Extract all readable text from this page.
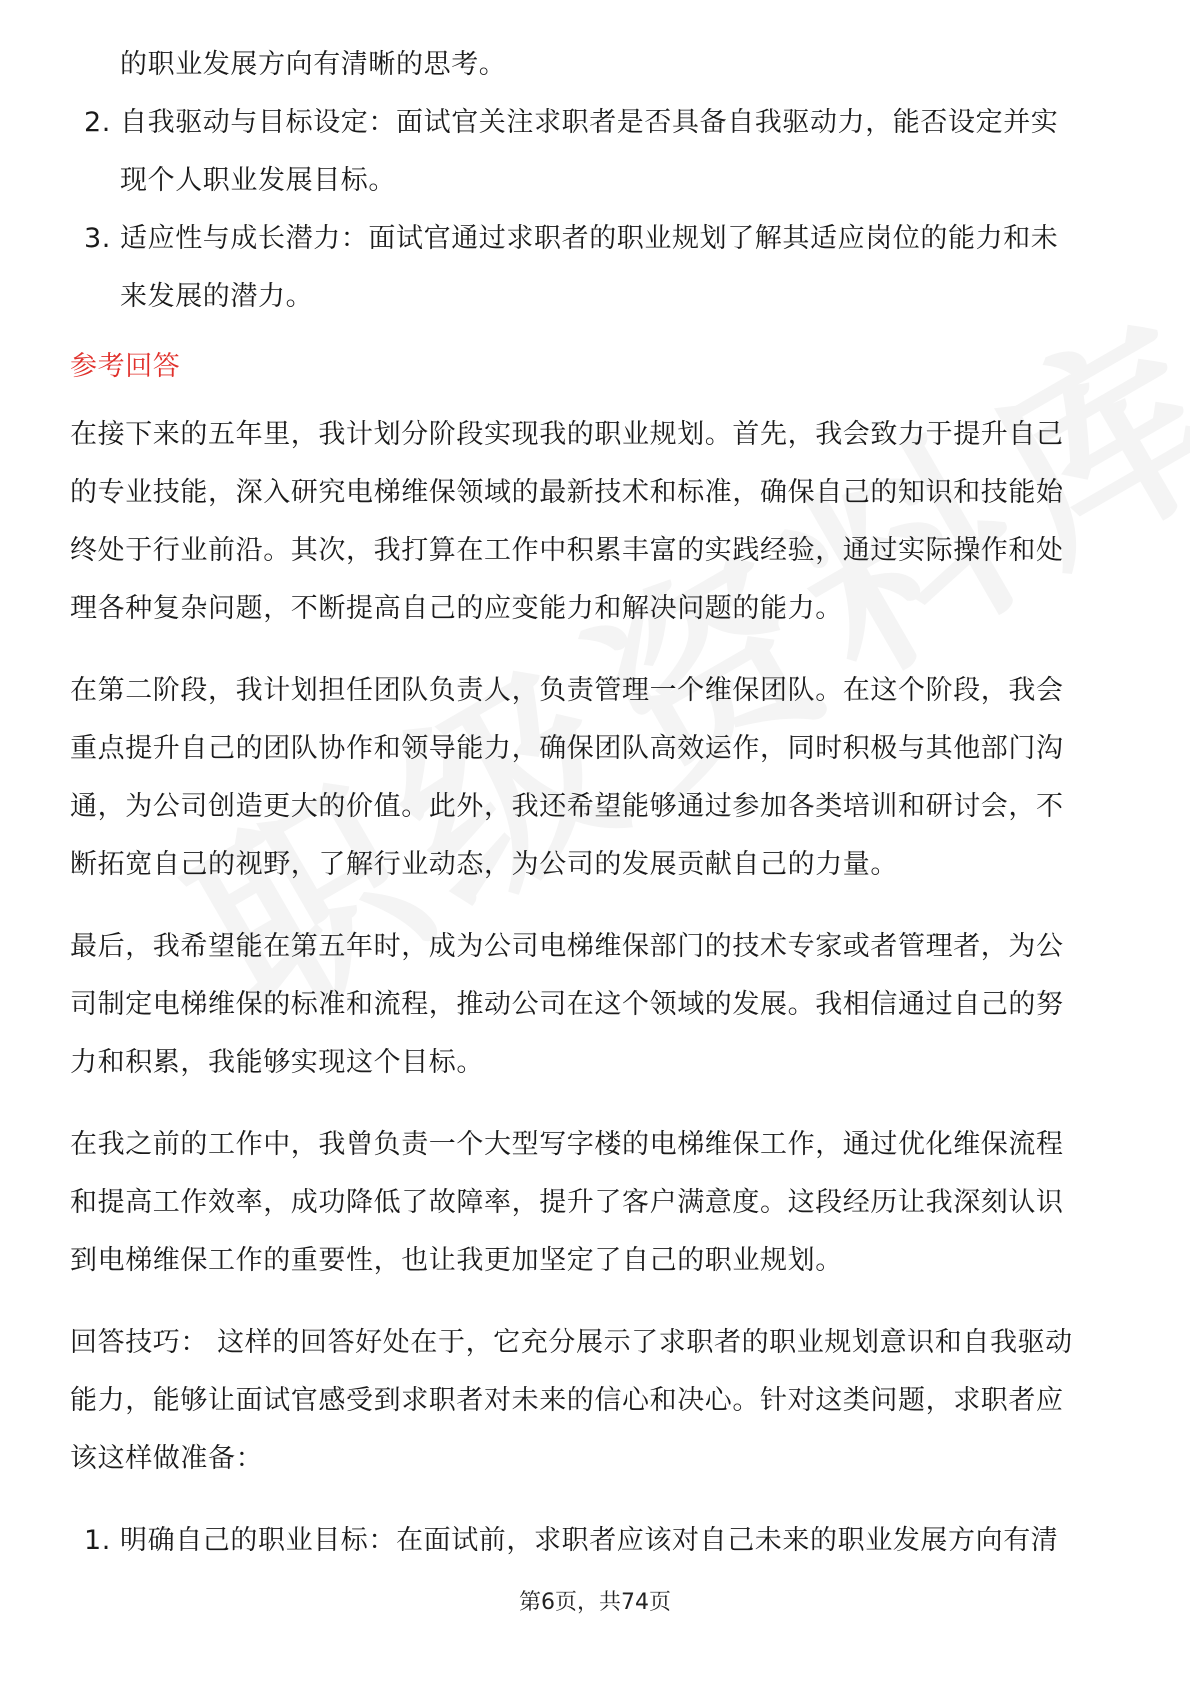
的职业发展方向有清晰的思考。
2. 自我驱动与目标设定：面试官关注求职者是否具备自我驱动力，能否设定并实
现个人职业发展目标。
3. 适应性与成长潜力：面试官通过求职者的职业规划了解其适应岗位的能力和未
来发展的潜力。
参考回答
在接下来的五年里，我计划分阶段实现我的职业规划。首先，我会致力于提升自己
的专业技能，深入研究电梯维保领域的最新技术和标准，确保自己的知识和技能始
终处于行业前沿。其次，我打算在工作中积累丰富的实践经验，通过实际操作和处
理各种复杂问题，不断提高自己的应变能力和解决问题的能力。
在第二阶段，我计划担任团队负责人，负责管理一个维保团队。在这个阶段，我会
重点提升自己的团队协作和领导能力，确保团队高效运作，同时积极与其他部门沟
通，为公司创造更大的价值。此外，我还希望能够通过参加各类培训和研讨会，不
断拓宽自己的视野，了解行业动态，为公司的发展贡献自己的力量。
最后，我希望能在第五年时，成为公司电梯维保部门的技术专家或者管理者，为公
司制定电梯维保的标准和流程，推动公司在这个领域的发展。我相信通过自己的努
力和积累，我能够实现这个目标。
在我之前的工作中，我曾负责一个大型写字楼的电梯维保工作，通过优化维保流程
和提高工作效率，成功降低了故障率，提升了客户满意度。这段经历让我深刻认识
到电梯维保工作的重要性，也让我更加坚定了自己的职业规划。
回答技巧： 这样的回答好处在于，它充分展示了求职者的职业规划意识和自我驱动
能力，能够让面试官感受到求职者对未来的信心和决心。针对这类问题，求职者应
该这样做准备：
1. 明确自己的职业目标：在面试前，求职者应该对自己未来的职业发展方向有清
第6页，共74页
